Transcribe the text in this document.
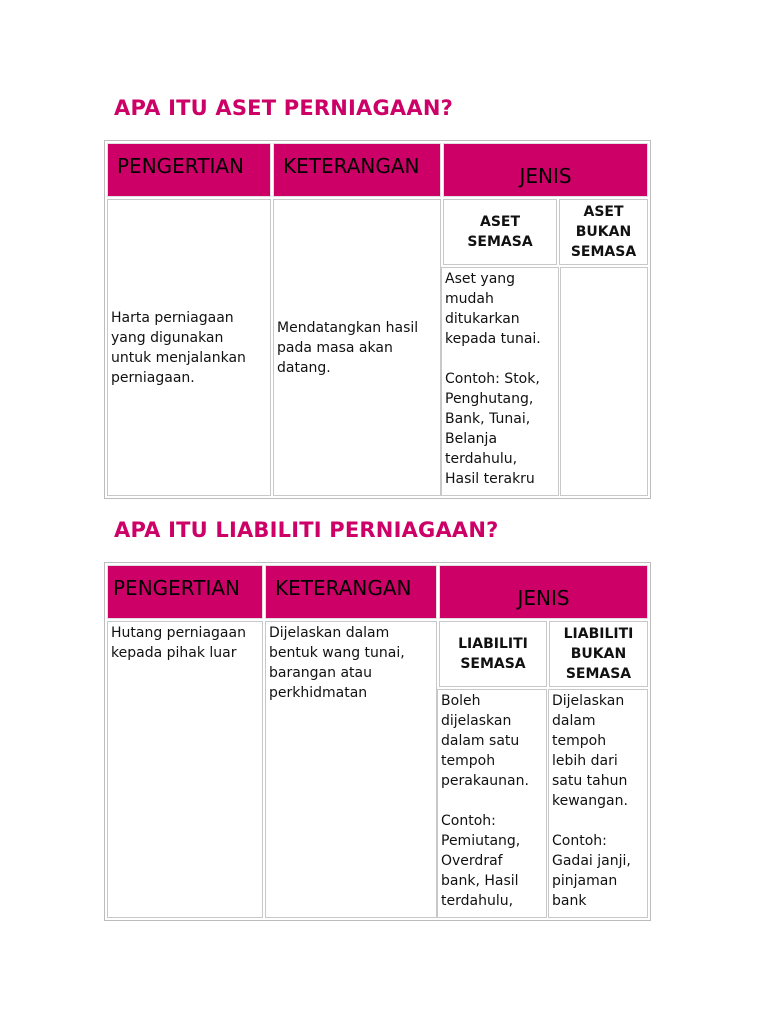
APA ITU ASET PERNIAGAAN?
PENGERTIAN KETERANGAN	JENIS
Harta perniagaan
yang digunakan
untuk menjalankan
perniagaan.
Mendatangkan hasil
pada masa akan
datang.
ASET
SEMASA
ASET
BUKAN
SEMASA
Aset yang
mudah
ditukarkan
kepada tunai.

Contoh: Stok,
Penghutang,
Bank, Tunai,
Belanja
terdahulu,
Hasil terakru
APA ITU LIABILITI PERNIAGAAN?
PENGERTIAN KETERANGAN	JENIS
Hutang perniagaan
kepada pihak luar
Dijelaskan dalam
bentuk wang tunai,
barangan atau
perkhidmatan
LIABILITI
SEMASA
LIABILITI
BUKAN
SEMASA
Boleh
dijelaskan
dalam satu
tempoh
perakaunan.

Contoh:
Pemiutang,
Overdraf
bank, Hasil
terdahulu,
Dijelaskan
dalam
tempoh
lebih dari
satu tahun
kewangan.

Contoh:
Gadai janji,
pinjaman
bank
